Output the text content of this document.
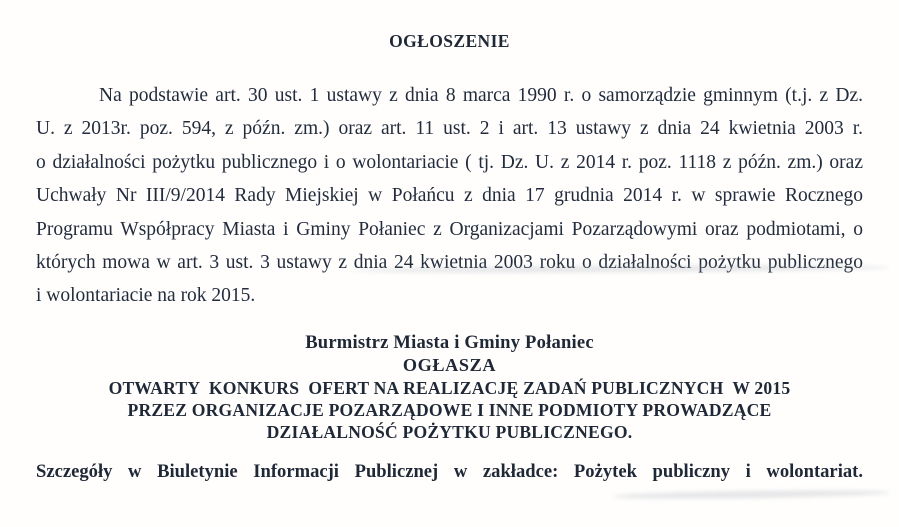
OGŁOSZENIE
Na podstawie art. 30 ust. 1 ustawy z dnia 8 marca 1990 r. o samorządzie gminnym (t.j. z Dz.
U. z 2013r. poz. 594, z późn. zm.) oraz art. 11 ust. 2 i art. 13 ustawy z dnia 24 kwietnia 2003 r.
o działalności pożytku publicznego i o wolontariacie ( tj. Dz. U. z 2014 r. poz. 1118 z późn. zm.) oraz
Uchwały Nr III/9/2014 Rady Miejskiej w Połańcu z dnia 17 grudnia 2014 r. w sprawie Rocznego
Programu Współpracy Miasta i Gminy Połaniec z Organizacjami Pozarządowymi oraz podmiotami, o
których mowa w art. 3 ust. 3 ustawy z dnia 24 kwietnia 2003 roku o działalności pożytku publicznego
i wolontariacie na rok 2015.
Burmistrz Miasta i Gminy Połaniec
OGŁASZA
OTWARTY  KONKURS  OFERT NA REALIZACJĘ ZADAŃ PUBLICZNYCH  W 2015
PRZEZ ORGANIZACJE POZARZĄDOWE I INNE PODMIOTY PROWADZĄCE
DZIAŁALNOŚĆ POŻYTKU PUBLICZNEGO.
Szczegóły w Biuletynie Informacji Publicznej w zakładce: Pożytek publiczny i wolontariat.
